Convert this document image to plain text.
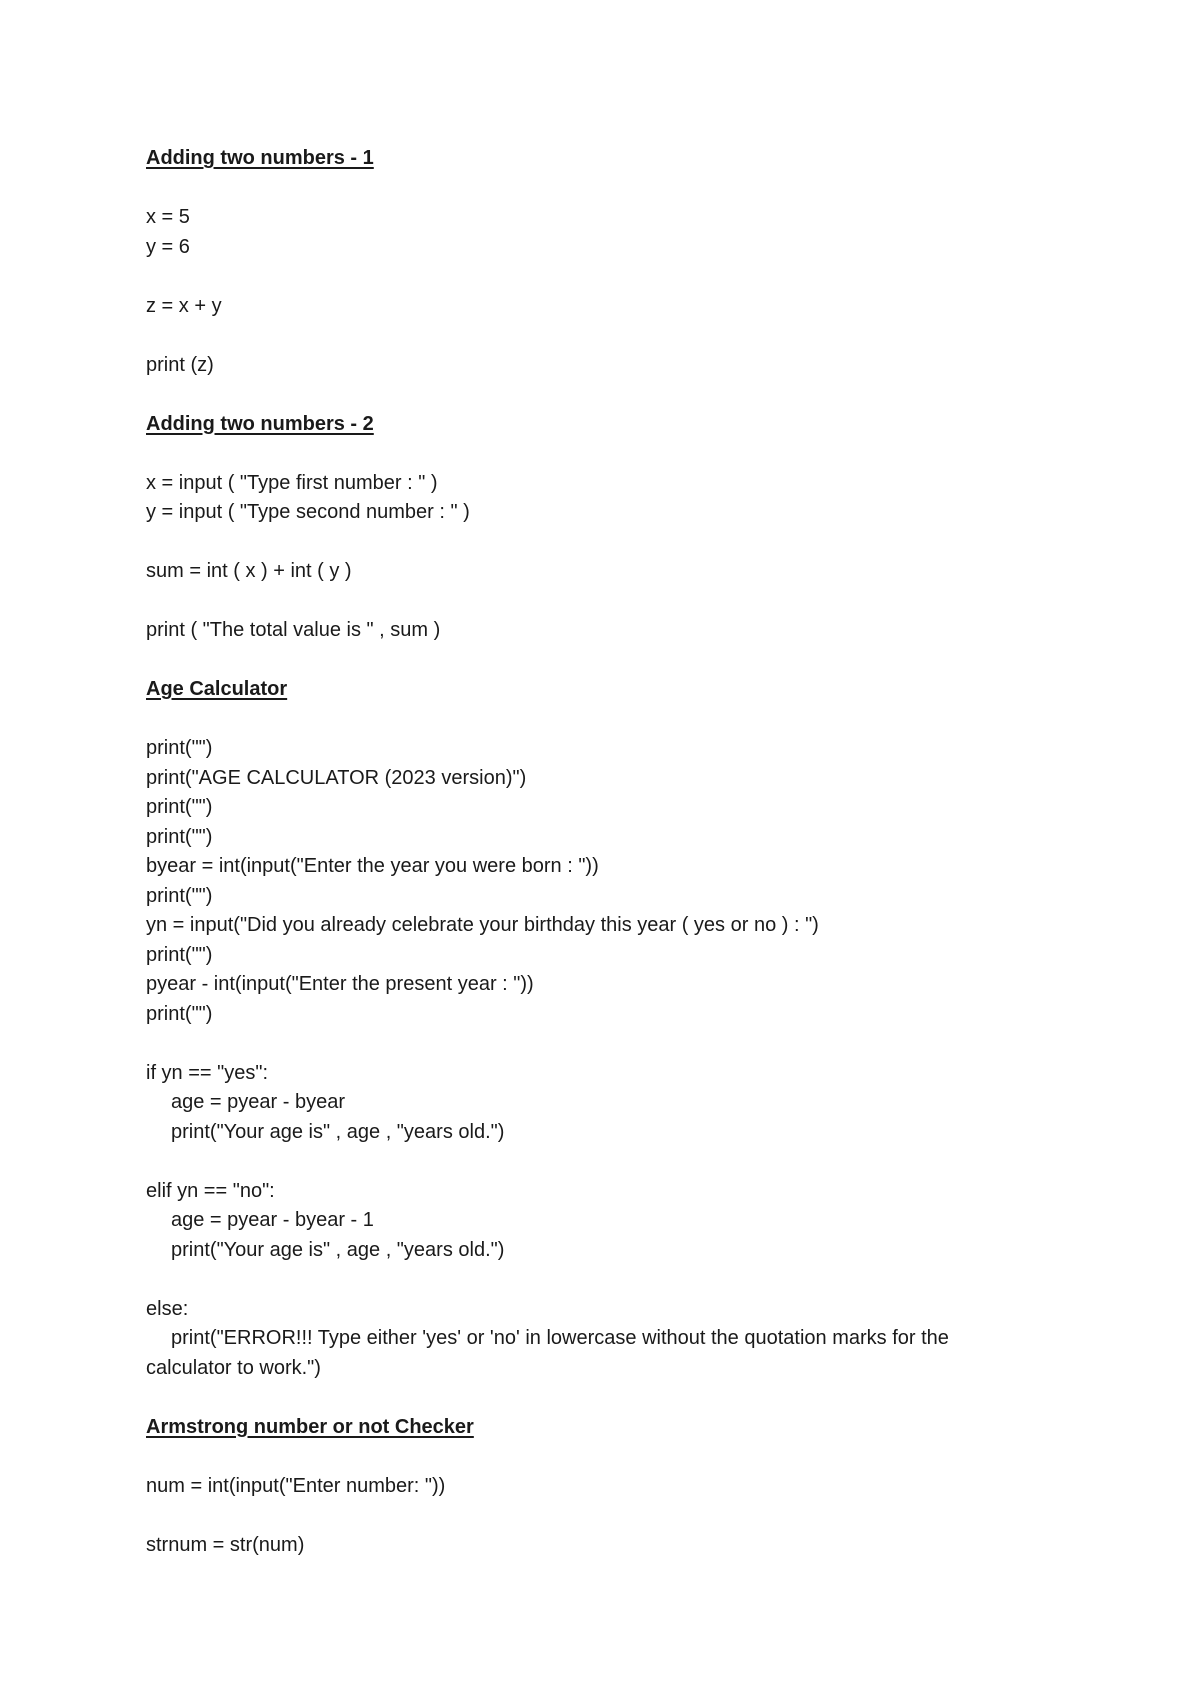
Adding two numbers - 1
x = 5
y = 6
z = x + y
print (z)
Adding two numbers - 2
x = input ( "Type first number : " )
y = input ( "Type second number : " )
sum = int ( x ) + int ( y )
print ( "The total value is " , sum )
Age Calculator
print("")
print("AGE CALCULATOR (2023 version)")
print("")
print("")
byear = int(input("Enter the year you were born : "))
print("")
yn = input("Did you already celebrate your birthday this year ( yes or no ) : ")
print("")
pyear - int(input("Enter the present year : "))
print("")
if yn == "yes":
age = pyear - byear
print("Your age is" , age , "years old.")
elif yn == "no":
age = pyear - byear - 1
print("Your age is" , age , "years old.")
else:
print("ERROR!!! Type either 'yes' or 'no' in lowercase without the quotation marks for the
calculator to work.")
Armstrong number or not Checker
num = int(input("Enter number: "))
strnum = str(num)
